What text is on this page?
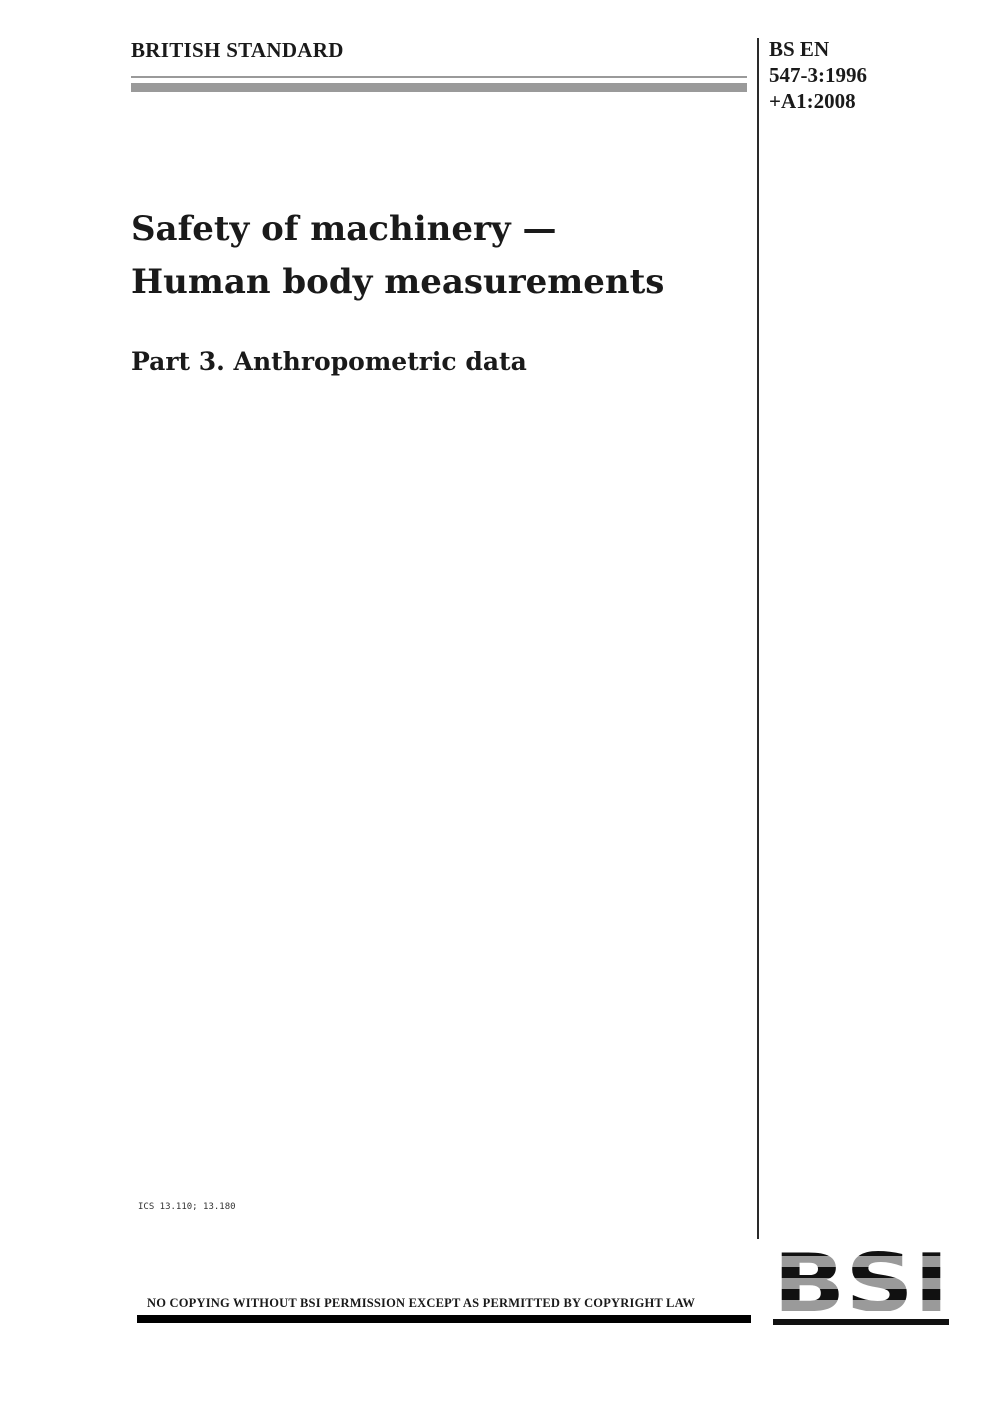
BRITISH STANDARD	BS EN
547-3:1996
+A1:2008
Safety of machinery —
Human body measurements
Part 3. Anthropometric data
ICS 13.110; 13.180
NO COPYING WITHOUT BSI PERMISSION EXCEPT AS PERMITTED BY COPYRIGHT LAW
